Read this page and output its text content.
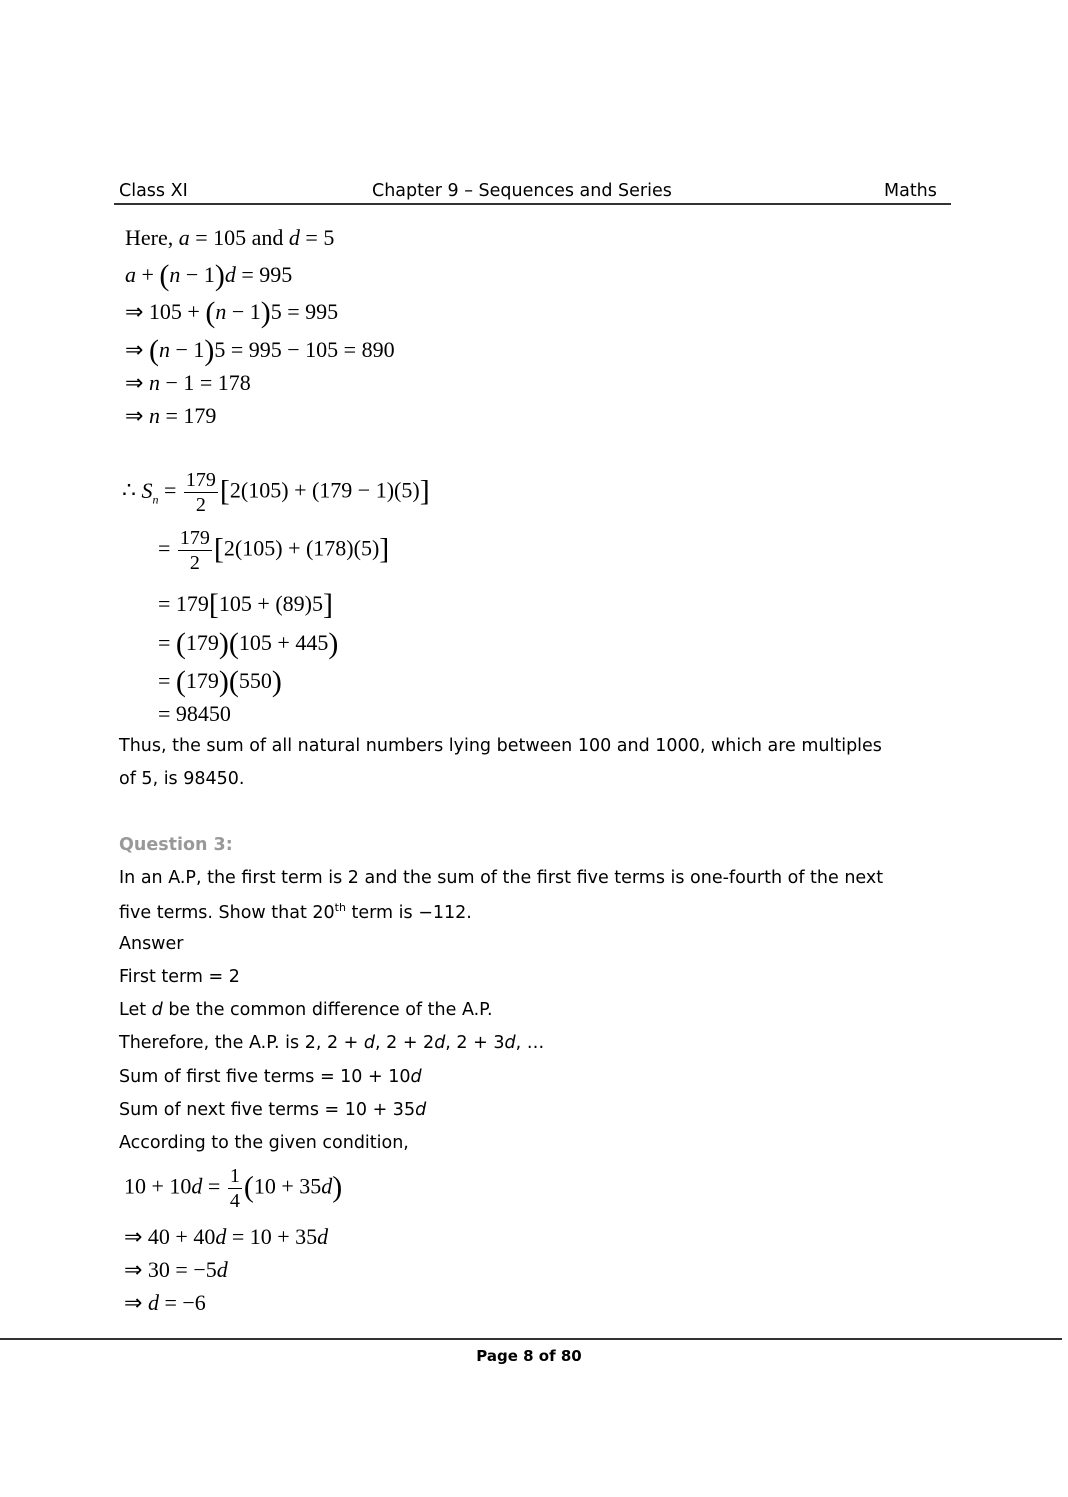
Class XI	Chapter 9 – Sequences and Series	Maths
Here, a = 105 and d = 5
a + (n − 1)d = 995
⇒ 105 + (n − 1)5 = 995
⇒ (n − 1)5 = 995 − 105 = 890
⇒ n − 1 = 178
⇒ n = 179
∴ $S_n = \frac{179}{2} [2(105) + (179 - 1)(5)]$
= $\frac{179}{2} [2(105) + (178)(5)]$
= 179[105 + (89)5]
= (179)(105 + 445)
= (179)(550)
= 98450
Thus, the sum of all natural numbers lying between 100 and 1000, which are multiples
of 5, is 98450.
Question 3:
In an A.P, the first term is 2 and the sum of the first five terms is one-fourth of the next
five terms. Show that 20th term is −112.
Answer
First term = 2
Let d be the common difference of the A.P.
Therefore, the A.P. is 2, 2 + d, 2 + 2d, 2 + 3d, …
Sum of first five terms = 10 + 10d
Sum of next five terms = 10 + 35d
According to the given condition,
$10 + 10d = \frac{1}{4} (10 + 35d)$
⇒ 40 + 40d = 10 + 35d
⇒ 30 = −5d
⇒ d = −6
Page 8 of 80
